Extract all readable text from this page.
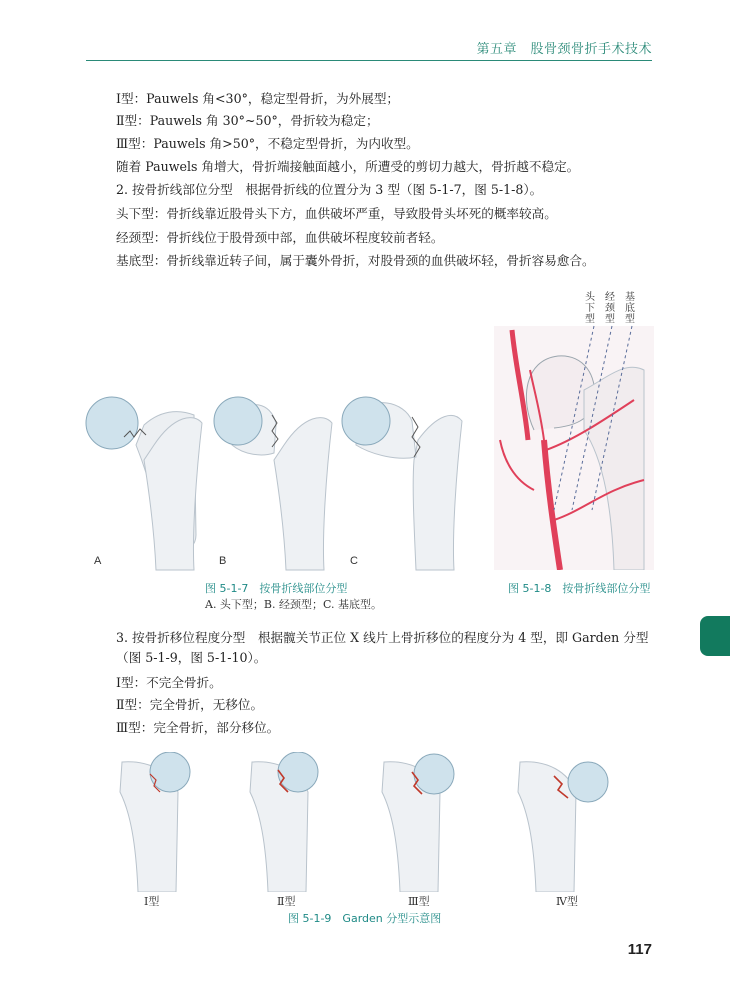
第五章　股骨颈骨折手术技术
Ⅰ型：Pauwels 角<30°，稳定型骨折，为外展型；
Ⅱ型：Pauwels 角 30°~50°，骨折较为稳定；
Ⅲ型：Pauwels 角>50°，不稳定型骨折，为内收型。
随着 Pauwels 角增大，骨折端接触面越小，所遭受的剪切力越大，骨折越不稳定。
2. 按骨折线部位分型　根据骨折线的位置分为 3 型（图 5-1-7，图 5-1-8）。
头下型：骨折线靠近股骨头下方，血供破坏严重，导致股骨头坏死的概率较高。
经颈型：骨折线位于股骨颈中部，血供破坏程度较前者轻。
基底型：骨折线靠近转子间，属于囊外骨折，对股骨颈的血供破坏轻，骨折容易愈合。
A	B	C
图 5-1-7　按骨折线部位分型
A. 头下型；B. 经颈型；C. 基底型。
头下型
经颈型
基底型
图 5-1-8　按骨折线部位分型
3. 按骨折移位程度分型　根据髋关节正位 X 线片上骨折移位的程度分为 4 型，即 Garden 分型（图 5-1-9，图 5-1-10）。
Ⅰ型：不完全骨折。
Ⅱ型：完全骨折，无移位。
Ⅲ型：完全骨折，部分移位。
Ⅰ型	Ⅱ型	Ⅲ型	Ⅳ型
图 5-1-9　Garden 分型示意图
117
